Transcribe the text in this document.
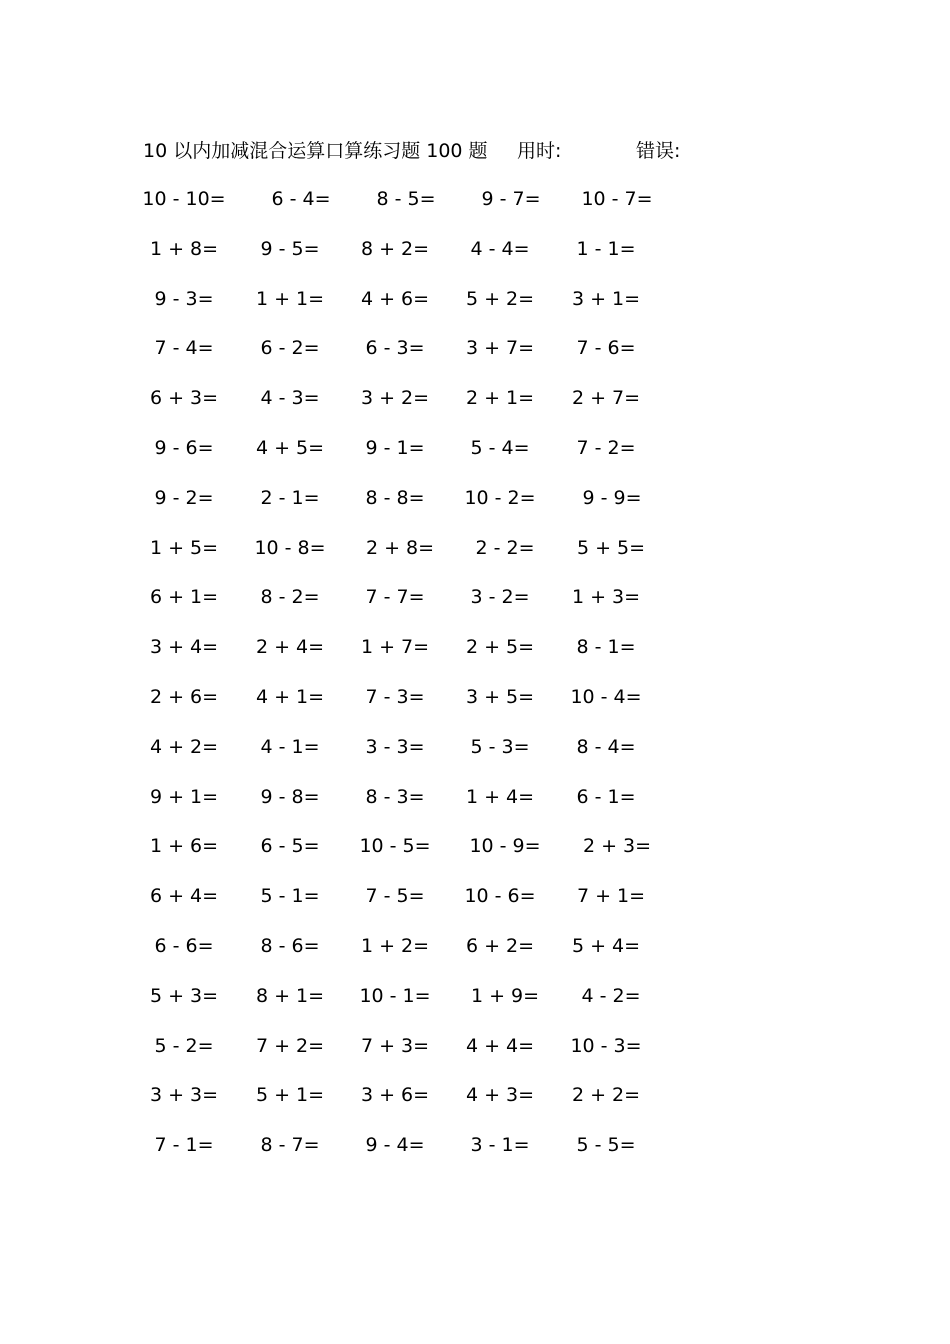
10 以内加减混合运算口算练习题 100 题 用时:	错误:
10 - 10=	6 - 4=	8 - 5=	9 - 7=	10 - 7=
1 + 8=	9 - 5=	8 + 2=	4 - 4=	1 - 1=
9 - 3=	1 + 1=	4 + 6=	5 + 2=	3 + 1=
7 - 4=	6 - 2=	6 - 3=	3 + 7=	7 - 6=
6 + 3=	4 - 3=	3 + 2=	2 + 1=	2 + 7=
9 - 6=	4 + 5=	9 - 1=	5 - 4=	7 - 2=
9 - 2=	2 - 1=	8 - 8=	10 - 2=	9 - 9=
1 + 5=	10 - 8=	2 + 8=	2 - 2=	5 + 5=
6 + 1=	8 - 2=	7 - 7=	3 - 2=	1 + 3=
3 + 4=	2 + 4=	1 + 7=	2 + 5=	8 - 1=
2 + 6=	4 + 1=	7 - 3=	3 + 5=	10 - 4=
4 + 2=	4 - 1=	3 - 3=	5 - 3=	8 - 4=
9 + 1=	9 - 8=	8 - 3=	1 + 4=	6 - 1=
1 + 6=	6 - 5=	10 - 5=	10 - 9=	2 + 3=
6 + 4=	5 - 1=	7 - 5=	10 - 6=	7 + 1=
6 - 6=	8 - 6=	1 + 2=	6 + 2=	5 + 4=
5 + 3=	8 + 1=	10 - 1=	1 + 9=	4 - 2=
5 - 2=	7 + 2=	7 + 3=	4 + 4=	10 - 3=
3 + 3=	5 + 1=	3 + 6=	4 + 3=	2 + 2=
7 - 1=	8 - 7=	9 - 4=	3 - 1=	5 - 5=
